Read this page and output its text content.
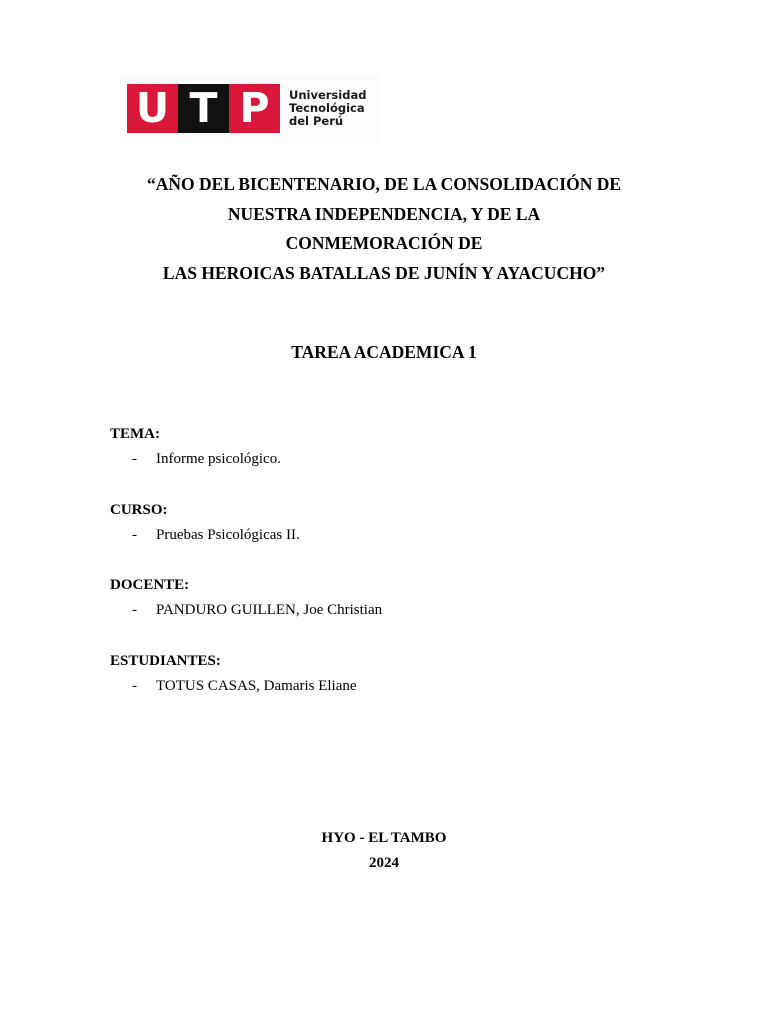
U T P	Universidad
Tecnológica
del Perú
“AÑO DEL BICENTENARIO, DE LA CONSOLIDACIÓN DE
NUESTRA INDEPENDENCIA, Y DE LA
CONMEMORACIÓN DE
LAS HEROICAS BATALLAS DE JUNÍN Y AYACUCHO”
TAREA ACADEMICA 1
TEMA:
- Informe psicológico.
CURSO:
- Pruebas Psicológicas II.
DOCENTE:
- PANDURO GUILLEN, Joe Christian
ESTUDIANTES:
- TOTUS CASAS, Damaris Eliane
HYO - EL TAMBO
2024
